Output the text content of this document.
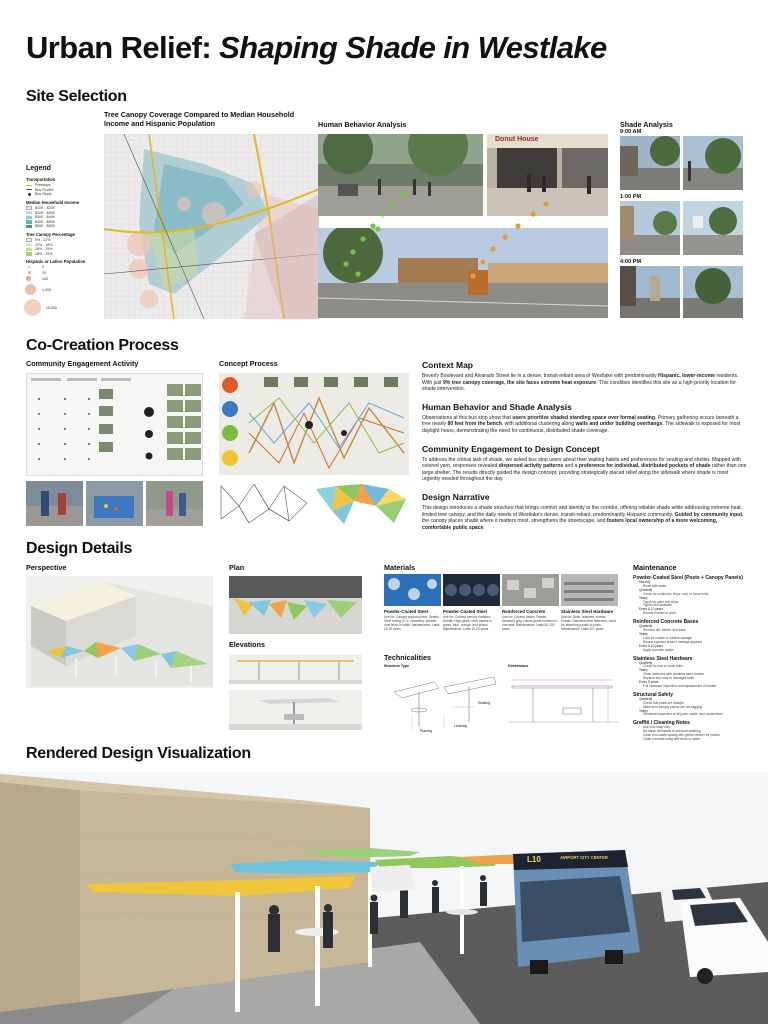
Urban Relief: Shaping Shade in Westlake
Site Selection
Tree Canopy Coverage Compared to Median Household Income and Hispanic Population
Legend
Transportation
Freeways
Bus Routes
Bus Stops
Median Household Income
$10K - $20K
$20K - $30K
$30K - $40K
$40K - $50K
$50K - $60K
Tree Canopy Percentage
0% - 11%
12% - 18%
18% - 25%
28% - 33%
Hispanic or Latino Population
0
10
100
1,000
10,000
Human Behavior Analysis
Donut House
Shade Analysis
9:00 AM
1:00 PM
4:00 PM
Co-Creation Process
Community Engagement Activity	Concept Process	Context Map
Beverly Boulevard and Alvarado Street lie in a dense, transit-reliant area of Westlake with predominantly Hispanic, lower-income residents. With just 9% tree canopy coverage, the site faces extreme heat exposure. This condition identifies this site as a high-priority location for shade intervention.
Human Behavior and Shade Analysis
Observations at this bus stop show that users prioritize shaded standing space over formal seating. Primary gathering occurs beneath a tree nearly 80 feet from the bench, with additional clustering along walls and under building overhangs. The sidewalk is exposed for most daylight hours, demonstrating the need for continuous, distributed shade coverage.
Community Engagement to Design Concept
To address the critical lack of shade, we asked bus stop users about their waiting habits and preferences for seating and shelter. Mapped with colored yarn, responses revealed dispersed activity patterns and a preference for individual, distributed pockets of shade rather than one large shelter. The results directly guided the design concept, providing strategically placed relief along the sidewalk where shade is most urgently needed throughout the day.
Design Narrative
This design introduces a shade structure that brings comfort and identity to the corridor, offering reliable shade while addressing extreme heat, limited tree canopy, and the daily needs of Westlake's dense, transit-reliant, predominantly Hispanic community. Guided by community input, the canopy places shade where it matters most, strengthens the streetscape, and fosters local ownership of a more welcoming, comfortable public space.
Design Details
Perspective	Plan
Elevations
Materials
Powder-Coated Steel
Use for: Canopy support posts. Details: Steel tubing (3"-4" diameter), powder-coat finish in white. Maintenance: Lasts 15-20 years
Powder-Coated Steel
Use for: Colored canopy surfaces. Details: High-gloss, steel panels in green, blue, orange, and yellow. Maintenance: Lasts 15-20 years
Reinforced Concrete
Use for: Column bases. Details: Standard gray, robust grade reinforced concrete. Maintenance: Lasts 50-100 years
Stainless Steel Hardware
Use for: Bolts, brackets, screws. Details: Stainless steel fasteners, used for attaching panels to posts. Maintenance: Lasts 20+ years
Technicalities
Structure Type	Dimensions
Seating
Leaning
Placing
Maintenance
Powder-Coated Steel (Posts + Canopy Panels)
Monthly
Rinse with water
Quarterly
Check for scratches, chips, rust, or loose bolts
Yearly
Touch-up paint any chips
Tighten all hardware
Every 8-10 years
Recoat if faded or worn
Reinforced Concrete Bases
Quarterly
Remove dirt, debris, and trash
Yearly
Look for cracks or surface damage
Reseal exposed areas if damage appears
Every 5-10 years
Apply concrete sealer
Stainless Steel Hardware
Quarterly
Check for rust or loose bolts
Yearly
Clean fasteners with stainless steel cleaner
Replace any rusty or damaged bolts
Every 5 years
Full hardware inspection and replacement if needed
Structural Safety
Quarterly
Check that posts are straight
Make sure canopy panels are not sagging
Yearly
Structural inspection of all joints, welds, and connections
Graffiti / Cleaning Notes
Use mild soap only
No harsh chemicals or pressure washing
Clean bird waste quickly with gentle cleaner for panels
Clean concrete using stiff brush or water
Rendered Design Visualization
L10	AIRPORT CITY CENTER
